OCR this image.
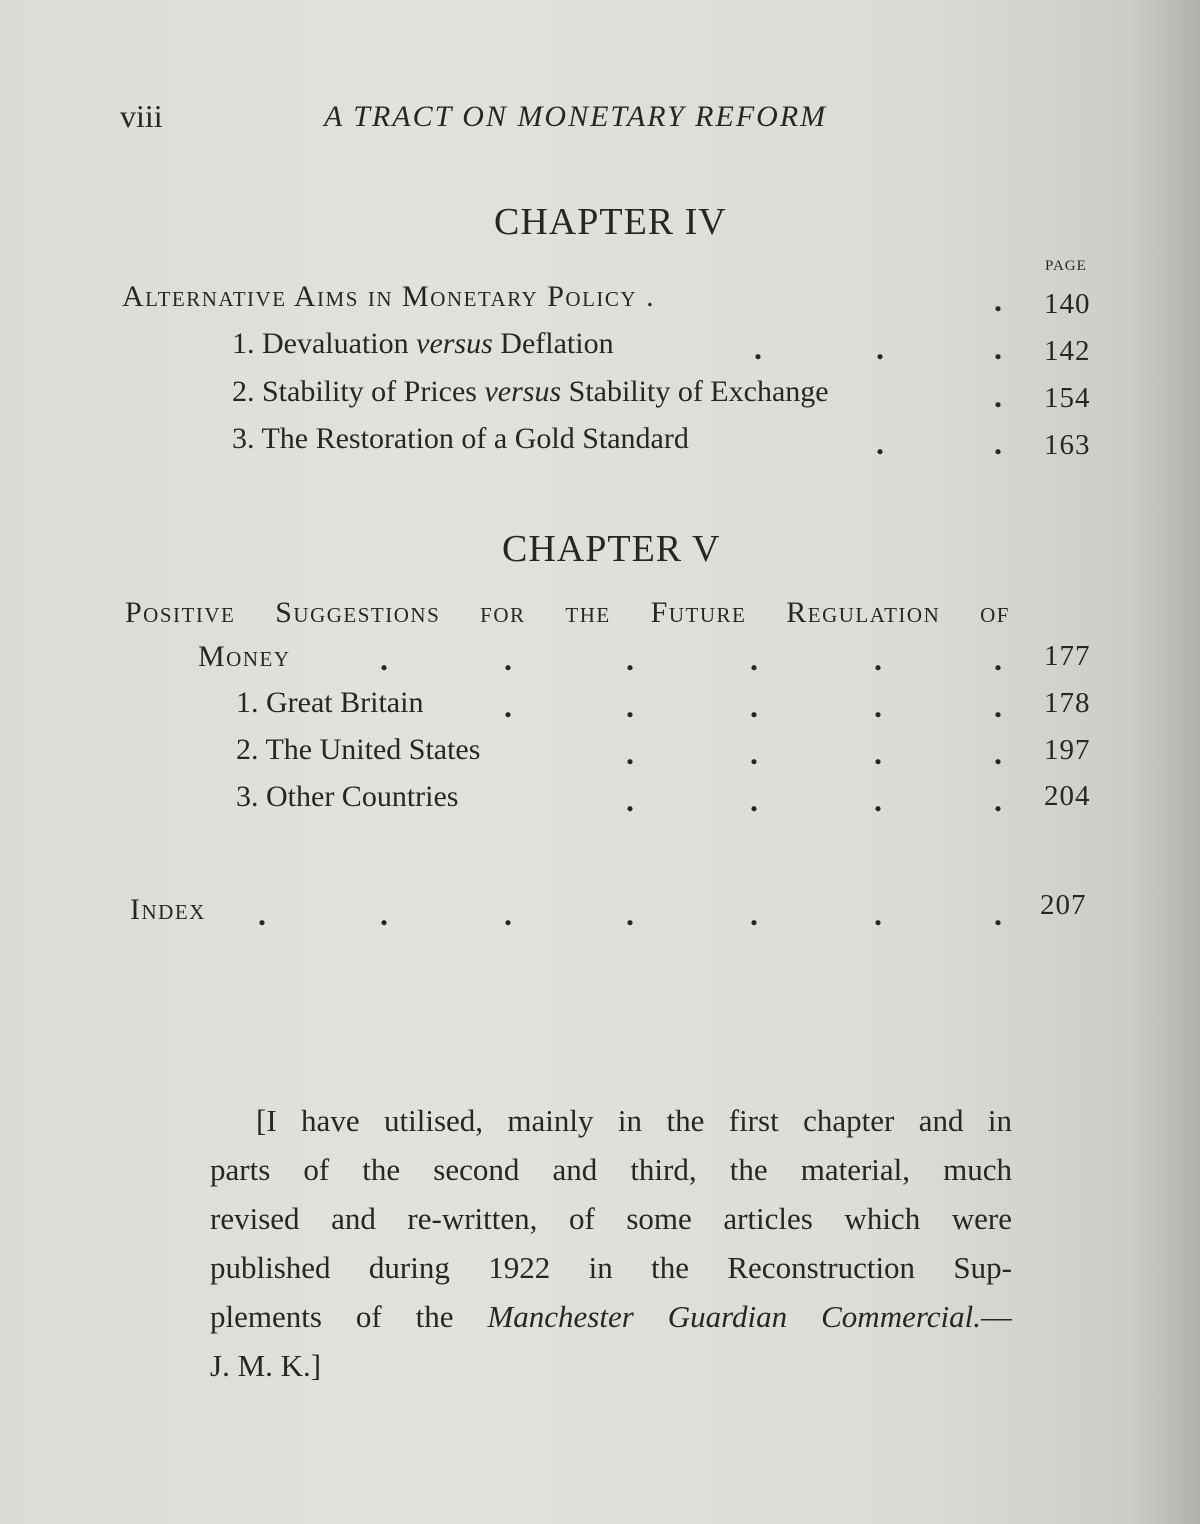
viii	A TRACT ON MONETARY REFORM
CHAPTER IV
PAGE
Alternative Aims in Monetary Policy .	. 140
1. Devaluation versus Deflation	.	.	. 142
2. Stability of Prices versus Stability of Exchange	. 154
3. The Restoration of a Gold Standard	.	. 163
CHAPTER V
Positive Suggestions for the Future Regulation of
Money	.	.	.	.	.	. 177
1. Great Britain	.	.	.	.	. 178
2. The United States	.	.	.	. 197
3. Other Countries	.	.	.	. 204
Index .	.	.	.	.	.	. 207
[I have utilised, mainly in the first chapter and in
parts of the second and third, the material, much
revised and re-written, of some articles which were
published during 1922 in the Reconstruction Sup-
plements of the Manchester Guardian Commercial.—
J. M. K.]
